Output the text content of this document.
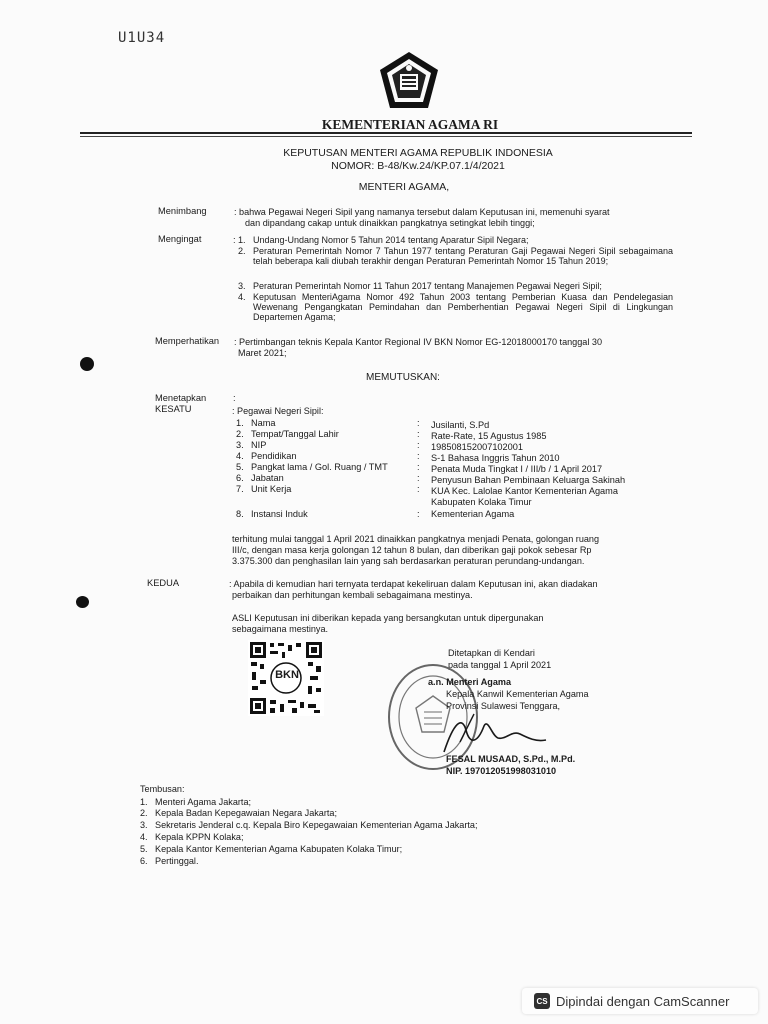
U1U34
KEMENTERIAN AGAMA RI
KEPUTUSAN MENTERI AGAMA REPUBLIK INDONESIA
NOMOR: B-48/Kw.24/KP.07.1/4/2021
MENTERI AGAMA,
Menimbang	: bahwa Pegawai Negeri Sipil yang namanya tersebut dalam Keputusan ini, memenuhi syarat
dan dipandang cakap untuk dinaikkan pangkatnya setingkat lebih tinggi;
Mengingat	: 1. Undang-Undang Nomor 5 Tahun 2014 tentang Aparatur Sipil Negara;
2. Peraturan Pemerintah Nomor 7 Tahun 1977 tentang Peraturan Gaji Pegawai Negeri Sipil sebagaimana telah beberapa kali diubah terakhir dengan Peraturan Pemerintah Nomor 15 Tahun 2019;
3. Peraturan Pemerintah Nomor 11 Tahun 2017 tentang Manajemen Pegawai Negeri Sipil;
4. Keputusan MenteriAgama Nomor 492 Tahun 2003 tentang Pemberian Kuasa dan Pendelegasian Wewenang Pengangkatan Pemindahan dan Pemberhentian Pegawai Negeri Sipil di Lingkungan Departemen Agama;
Memperhatikan : Pertimbangan teknis Kepala Kantor Regional IV BKN Nomor EG-12018000170 tanggal 30
Maret 2021;
MEMUTUSKAN:
Menetapkan	:
KESATU	: Pegawai Negeri Sipil:
1. Nama	: Jusilanti, S.Pd
2. Tempat/Tanggal Lahir	: Rate-Rate, 15 Agustus 1985
3. NIP	: 198508152007102001
4. Pendidikan	: S-1 Bahasa Inggris Tahun 2010
5. Pangkat lama / Gol. Ruang / TMT	: Penata Muda Tingkat I / III/b / 1 April 2017
6. Jabatan	: Penyusun Bahan Pembinaan Keluarga Sakinah
7. Unit Kerja	: KUA Kec. Lalolae Kantor Kementerian Agama
Kabupaten Kolaka Timur
8. Instansi Induk	: Kementerian Agama
terhitung mulai tanggal 1 April 2021 dinaikkan pangkatnya menjadi Penata, golongan ruang
III/c, dengan masa kerja golongan 12 tahun 8 bulan, dan diberikan gaji pokok sebesar Rp
3.375.300 dan penghasilan lain yang sah berdasarkan peraturan perundang-undangan.
KEDUA	: Apabila di kemudian hari ternyata terdapat kekeliruan dalam Keputusan ini, akan diadakan
perbaikan dan perhitungan kembali sebagaimana mestinya.
ASLI Keputusan ini diberikan kepada yang bersangkutan untuk dipergunakan
sebagaimana mestinya.
BKN
Ditetapkan di Kendari
pada tanggal 1 April 2021
a.n. Menteri Agama
Kepala Kanwil Kementerian Agama
Provinsi Sulawesi Tenggara,
FESAL MUSAAD, S.Pd., M.Pd.
NIP. 197012051998031010
Tembusan:
1. Menteri Agama Jakarta;
2. Kepala Badan Kepegawaian Negara Jakarta;
3. Sekretaris Jenderal c.q. Kepala Biro Kepegawaian Kementerian Agama Jakarta;
4. Kepala KPPN Kolaka;
5. Kepala Kantor Kementerian Agama Kabupaten Kolaka Timur;
6. Pertinggal.
CS Dipindai dengan CamScanner
